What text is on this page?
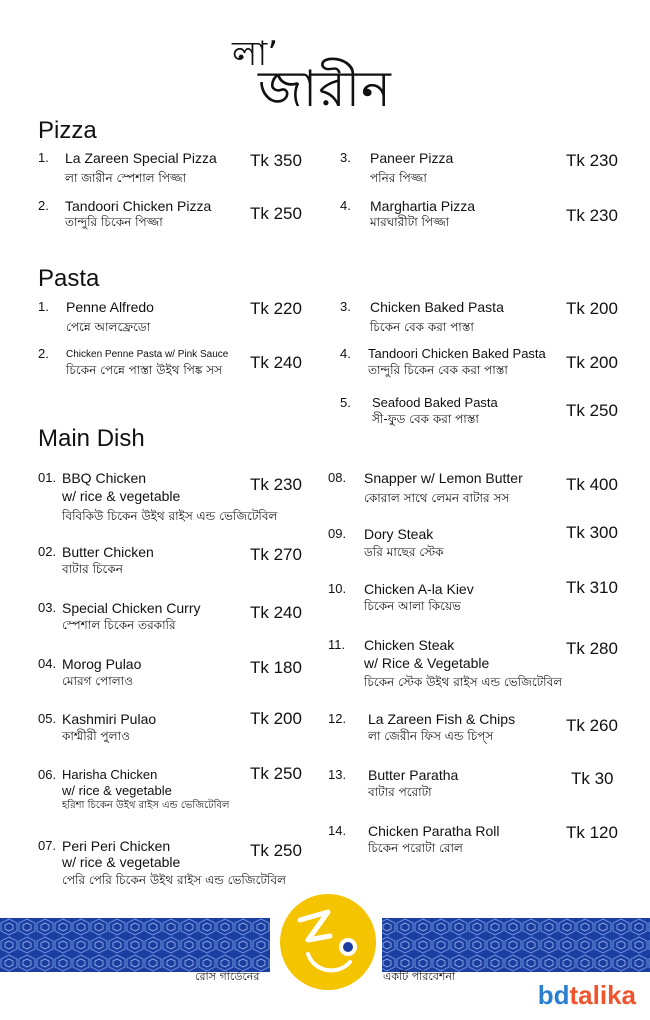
লা’
জারীন
Pizza
Pasta
Main Dish
1. La Zareen Special Pizza
লা জারীন স্পেশাল পিজ্জা
Tk 350
2. Tandoori Chicken Pizza
তান্দুরি চিকেন পিজ্জা	Tk 250
3. Paneer Pizza
পনির পিজ্জা
Tk 230
4. Marghartia Pizza
মারঘারীটা পিজ্জা	Tk 230
1. Penne Alfredo
পেন্নে আলফ্রেডো
Tk 220
2. Chicken Penne Pasta w/ Pink Sauce
চিকেন পেন্নে পাস্তা উইথ পিঙ্ক সস Tk 240
3. Chicken Baked Pasta
চিকেন বেক করা পাস্তা
Tk 200
4. Tandoori Chicken Baked Pasta
তান্দুরি চিকেন বেক করা পাস্তা	Tk 200
5. Seafood Baked Pasta
সী-ফুড বেক করা পাস্তা	Tk 250
01. BBQ Chicken
w/ rice & vegetable
বিবিকিউ চিকেন উইথ রাইস এন্ড ভেজিটেবিল
Tk 230
02. Butter Chicken
বাটার চিকেন
Tk 270
03. Special Chicken Curry
স্পেশাল চিকেন তরকারি
Tk 240
04. Morog Pulao
মোরগ পোলাও
Tk 180
05. Kashmiri Pulao
কাশ্মীরী পুলাও
Tk 200
06. Harisha Chicken
w/ rice & vegetable
হরিশা চিকেন উইথ রাইস এন্ড ভেজিটেবিল
Tk 250
07. Peri Peri Chicken
w/ rice & vegetable
পেরি পেরি চিকেন উইথ রাইস এন্ড ভেজিটেবিল
Tk 250
08. Snapper w/ Lemon Butter
কোরাল সাথে লেমন বাটার সস
Tk 400
09. Dory Steak
ডরি মাছের স্টেক
Tk 300
10. Chicken A-la Kiev
চিকেন আলা কিয়েভ
Tk 310
11. Chicken Steak
w/ Rice & Vegetable
চিকেন স্টেক উইথ রাইস এন্ড ভেজিটেবিল
Tk 280
12. La Zareen Fish & Chips
লা জেরীন ফিস এন্ড চিপ্‌স
Tk 260
13. Butter Paratha
বাটার পরোটা
Tk 30
14. Chicken Paratha Roll
চিকেন পরোটা রোল
Tk 120
রোস গার্ডেনের	একটি পরিবেশনা
bdtalika
